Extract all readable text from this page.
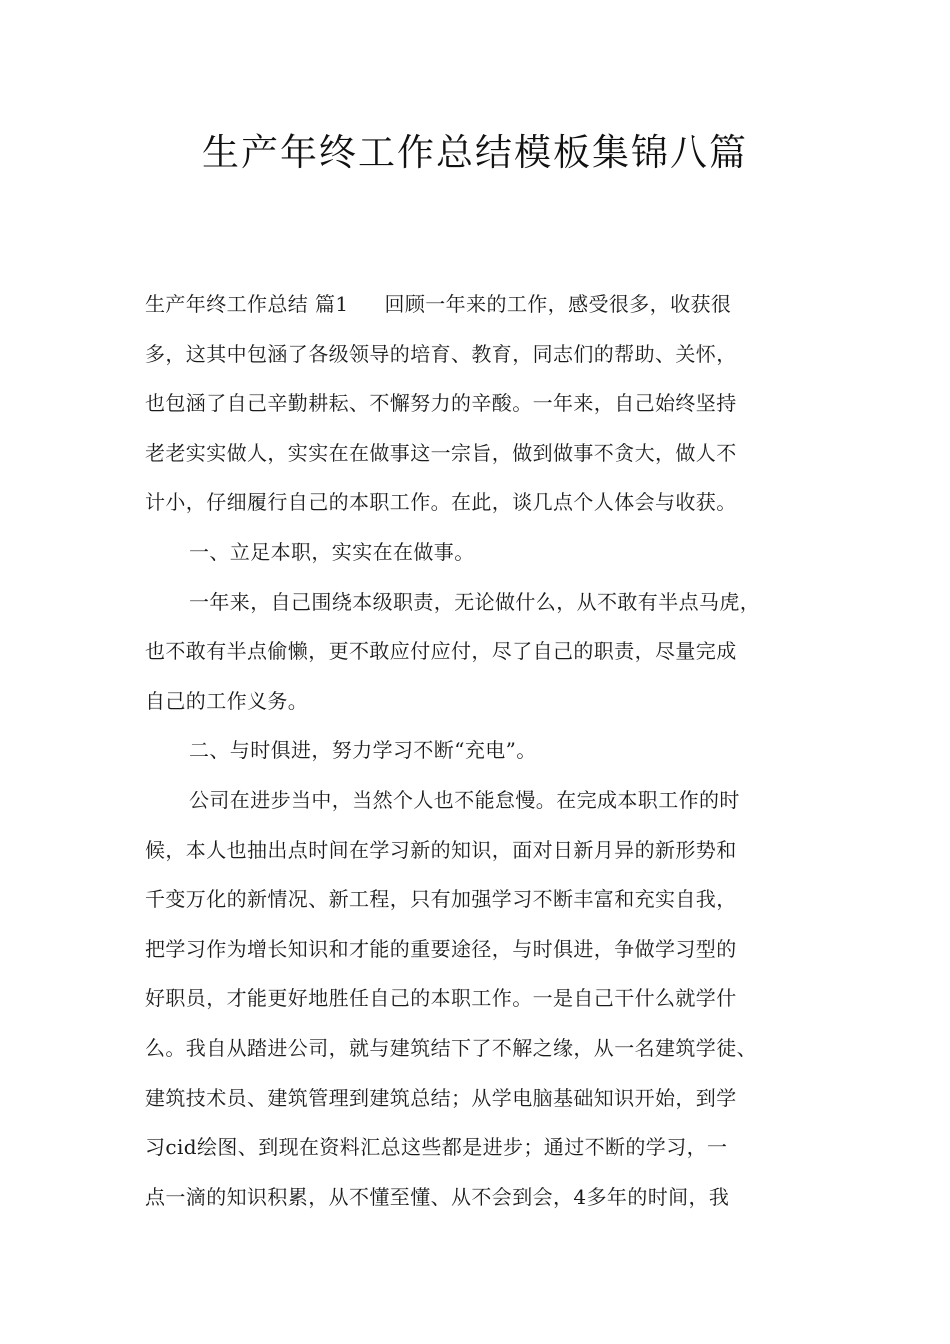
生产年终工作总结模板集锦八篇
生产年终工作总结 篇1 回顾一年来的工作，感受很多，收获很
多，这其中包涵了各级领导的培育、教育，同志们的帮助、关怀，
也包涵了自己辛勤耕耘、不懈努力的辛酸。一年来，自己始终坚持
老老实实做人，实实在在做事这一宗旨，做到做事不贪大，做人不
计小，仔细履行自己的本职工作。在此，谈几点个人体会与收获。
一、立足本职，实实在在做事。
一年来，自己围绕本级职责，无论做什么，从不敢有半点马虎，
也不敢有半点偷懒，更不敢应付应付，尽了自己的职责，尽量完成
自己的工作义务。
二、与时俱进，努力学习不断“充电”。
公司在进步当中，当然个人也不能怠慢。在完成本职工作的时
候，本人也抽出点时间在学习新的知识，面对日新月异的新形势和
千变万化的新情况、新工程，只有加强学习不断丰富和充实自我，
把学习作为增长知识和才能的重要途径，与时俱进，争做学习型的
好职员，才能更好地胜任自己的本职工作。一是自己干什么就学什
么。我自从踏进公司，就与建筑结下了不解之缘，从一名建筑学徒、
建筑技术员、建筑管理到建筑总结；从学电脑基础知识开始，到学
习cid绘图、到现在资料汇总这些都是进步；通过不断的学习，一
点一滴的知识积累，从不懂至懂、从不会到会，4多年的时间，我
